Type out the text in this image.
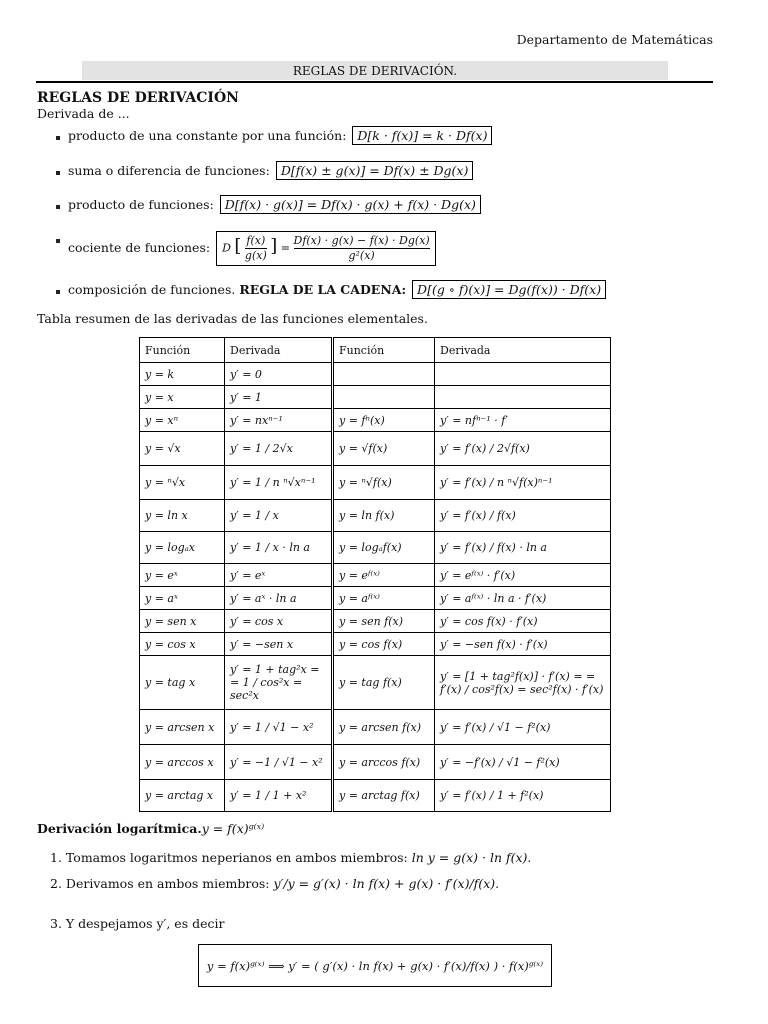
Departamento de Matemáticas
REGLAS DE DERIVACIÓN.
REGLAS DE DERIVACIÓN
Derivada de ...
producto de una constante por una función: D[k · f(x)] = k · Df(x)
suma o diferencia de funciones: D[f(x) ± g(x)] = Df(x) ± Dg(x)
producto de funciones: D[f(x) · g(x)] = Df(x) · g(x) + f(x) · Dg(x)
cociente de funciones: D [ $\frac{f(x)}{g(x)}$ ] = $\frac{Df(x) \cdot g(x) - f(x) \cdot Dg(x)}{\text{g²(x)}}$
composición de funciones. REGLA DE LA CADENA: D[(g ∘ f)(x)] = Dg(f(x)) · Df(x)
Tabla resumen de las derivadas de las funciones elementales.
Función	Derivada	Función	Derivada
y = k	y′ = 0		
y = x	y′ = 1		
y = xⁿ	y′ = nxⁿ⁻¹	y = fⁿ(x)	y′ = nfⁿ⁻¹ · f′
y = √x	y′ = 1 / 2√x	y = √f(x)	y′ = f′(x) / 2√f(x)
y = ⁿ√x	y′ = 1 / n ⁿ√xⁿ⁻¹	y = ⁿ√f(x)	y′ = f′(x) / n ⁿ√f(x)ⁿ⁻¹
y = ln x	y′ = 1 / x	y = ln f(x)	y′ = f′(x) / f(x)
y = logₐx	y′ = 1 / x · ln a	y = logₐf(x)	y′ = f′(x) / f(x) · ln a
y = eˣ	y′ = eˣ	y = eᶠ⁽ˣ⁾	y′ = eᶠ⁽ˣ⁾ · f′(x)
y = aˣ	y′ = aˣ · ln a	y = aᶠ⁽ˣ⁾	y′ = aᶠ⁽ˣ⁾ · ln a · f′(x)
y = sen x	y′ = cos x	y = sen f(x)	y′ = cos f(x) · f′(x)
y = cos x	y′ = −sen x	y = cos f(x)	y′ = −sen f(x) · f′(x)
y = tag x	y′ = 1 + tag²x = = 1 / cos²x = sec²x	y = tag f(x)	y′ = [1 + tag²f(x)] · f′(x) = = f′(x) / cos²f(x) = sec²f(x) · f′(x)
y = arcsen x	y′ = 1 / √1 − x²	y = arcsen f(x)	y′ = f′(x) / √1 − f²(x)
y = arccos x	y′ = −1 / √1 − x²	y = arccos f(x)	y′ = −f′(x) / √1 − f²(x)
y = arctag x	y′ = 1 / 1 + x²	y = arctag f(x)	y′ = f′(x) / 1 + f²(x)
Derivación logarítmica.y = f(x)ᵍ⁽ˣ⁾
1. Tomamos logaritmos neperianos en ambos miembros: ln y = g(x) · ln f(x).
2. Derivamos en ambos miembros: y′/y = g′(x) · ln f(x) + g(x) · f′(x)/f(x).
3. Y despejamos y′, es decir
y = f(x)ᵍ⁽ˣ⁾ ⟹ y′ = ( g′(x) · ln f(x) + g(x) · f′(x)/f(x) ) · f(x)ᵍ⁽ˣ⁾
